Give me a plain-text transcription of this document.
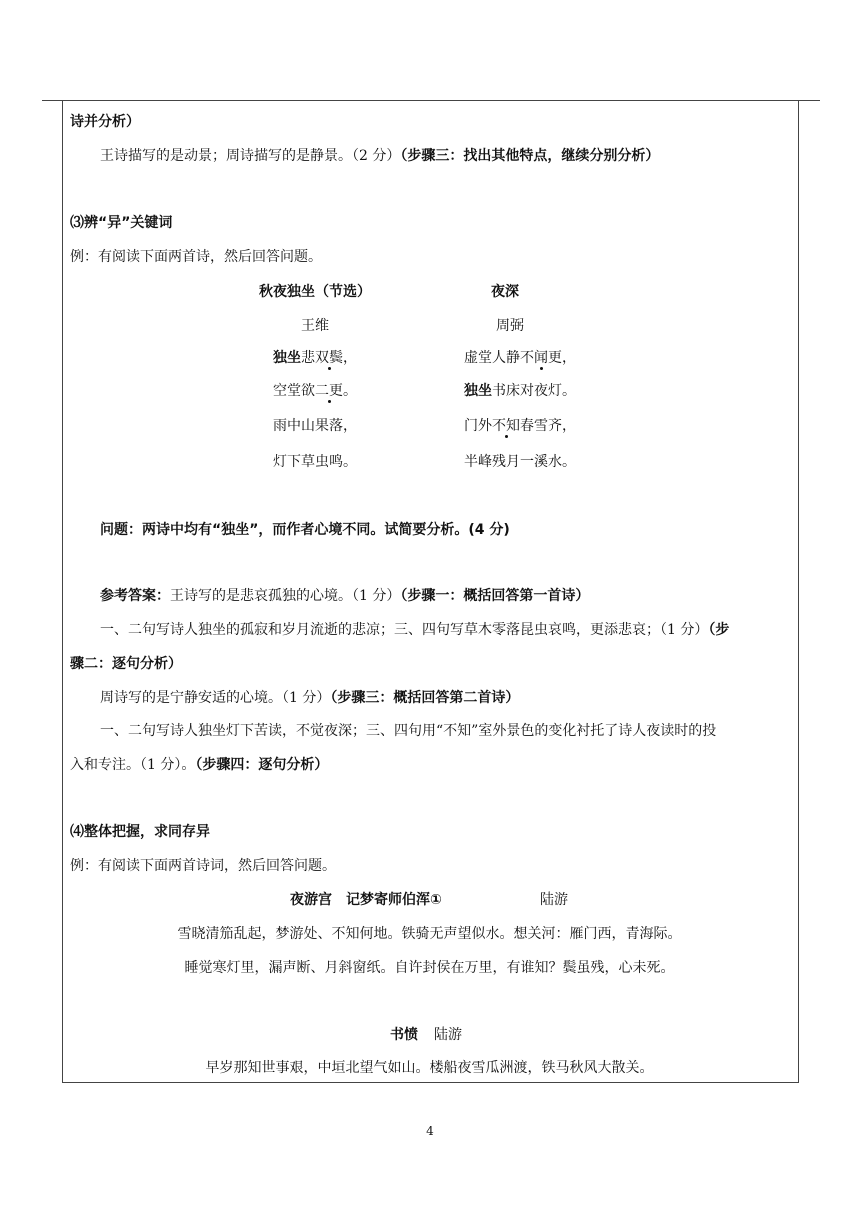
诗并分析）
王诗描写的是动景；周诗描写的是静景。（2 分）（步骤三：找出其他特点，继续分别分析）
⑶辨“异”关键词
例：有阅读下面两首诗，然后回答问题。
秋夜独坐（节选）
王维
独坐悲双鬓，
空堂欲二更。
雨中山果落，
灯下草虫鸣。
夜深
周弼
虚堂人静不闻更，
独坐书床对夜灯。
门外不知春雪齐，
半峰残月一溪水。
问题：两诗中均有“独坐”，而作者心境不同。试简要分析。(4 分)
参考答案：王诗写的是悲哀孤独的心境。（1 分）（步骤一：概括回答第一首诗）
一、二句写诗人独坐的孤寂和岁月流逝的悲凉；三、四句写草木零落昆虫哀鸣，更添悲哀；（1 分）（步
骤二：逐句分析）
周诗写的是宁静安适的心境。（1 分）（步骤三：概括回答第二首诗）
一、二句写诗人独坐灯下苦读，不觉夜深；三、四句用“不知”室外景色的变化衬托了诗人夜读时的投
入和专注。（1 分）。（步骤四：逐句分析）
⑷整体把握，求同存异
例：有阅读下面两首诗词，然后回答问题。
夜游宫　记梦寄师伯浑①	陆游
雪晓清笳乱起，梦游处、不知何地。铁骑无声望似水。想关河：雁门西，青海际。
睡觉寒灯里，漏声断、月斜窗纸。自许封侯在万里，有谁知？鬓虽残，心未死。
书愤 陆游
早岁那知世事艰，中垣北望气如山。楼船夜雪瓜洲渡，铁马秋风大散关。
4
